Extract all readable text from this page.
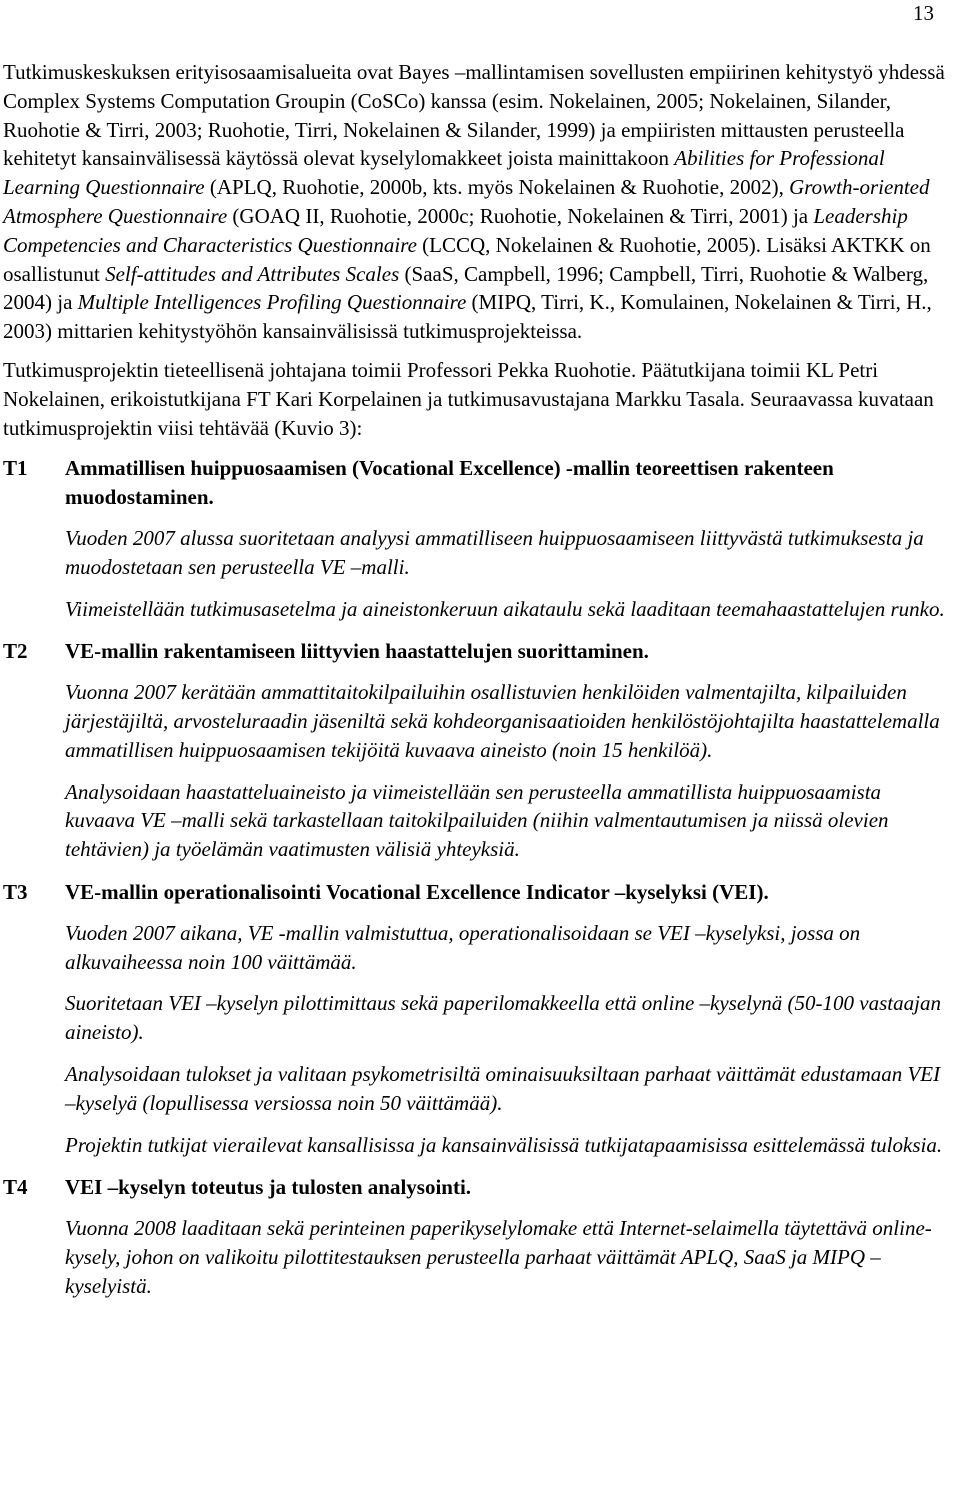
13

Tutkimuskeskuksen erityisosaamisalueita ovat Bayes –mallintamisen sovellusten empiirinen kehitystyö yhdessä Complex Systems Computation Groupin (CoSCo) kanssa (esim. Nokelainen, 2005; Nokelainen, Silander, Ruohotie & Tirri, 2003; Ruohotie, Tirri, Nokelainen & Silander, 1999) ja empiiristen mittausten perusteella kehitetyt kansainvälisessä käytössä olevat kyselylomakkeet joista mainittakoon Abilities for Professional Learning Questionnaire (APLQ, Ruohotie, 2000b, kts. myös Nokelainen & Ruohotie, 2002), Growth-oriented Atmosphere Questionnaire (GOAQ II, Ruohotie, 2000c; Ruohotie, Nokelainen & Tirri, 2001) ja Leadership Competencies and Characteristics Questionnaire (LCCQ, Nokelainen & Ruohotie, 2005). Lisäksi AKTKK on osallistunut Self-attitudes and Attributes Scales (SaaS, Campbell, 1996; Campbell, Tirri, Ruohotie & Walberg, 2004) ja Multiple Intelligences Profiling Questionnaire (MIPQ, Tirri, K., Komulainen, Nokelainen & Tirri, H., 2003) mittarien kehitystyöhön kansainvälisissä tutkimusprojekteissa.

Tutkimusprojektin tieteellisenä johtajana toimii Professori Pekka Ruohotie. Päätutkijana toimii KL Petri Nokelainen, erikoistutkijana FT Kari Korpelainen ja tutkimusavustajana Markku Tasala. Seuraavassa kuvataan tutkimusprojektin viisi tehtävää (Kuvio 3):

T1	Ammatillisen huippuosaamisen (Vocational Excellence) -mallin teoreettisen rakenteen muodostaminen.
Vuoden 2007 alussa suoritetaan analyysi ammatilliseen huippuosaamiseen liittyvästä tutkimuksesta ja muodostetaan sen perusteella VE –malli.
Viimeistellään tutkimusasetelma ja aineistonkeruun aikataulu sekä laaditaan teemahaastattelujen runko.
T2	VE-mallin rakentamiseen liittyvien haastattelujen suorittaminen.
Vuonna 2007 kerätään ammattitaitokilpailuihin osallistuvien henkilöiden valmentajilta, kilpailuiden järjestäjiltä, arvosteluraadin jäseniltä sekä kohdeorganisaatioiden henkilöstöjohtajilta haastattelemalla ammatillisen huippuosaamisen tekijöitä kuvaava aineisto (noin 15 henkilöä).
Analysoidaan haastatteluaineisto ja viimeistellään sen perusteella ammatillista huippuosaamista kuvaava VE –malli sekä tarkastellaan taitokilpailuiden (niihin valmentautumisen ja niissä olevien tehtävien) ja työelämän vaatimusten välisiä yhteyksiä.
T3	VE-mallin operationalisointi Vocational Excellence Indicator –kyselyksi (VEI).
Vuoden 2007 aikana, VE -mallin valmistuttua, operationalisoidaan se VEI –kyselyksi, jossa on alkuvaiheessa noin 100 väittämää.
Suoritetaan VEI –kyselyn pilottimittaus sekä paperilomakkeella että online –kyselynä (50-100 vastaajan aineisto).
Analysoidaan tulokset ja valitaan psykometrisiltä ominaisuuksiltaan parhaat väittämät edustamaan VEI –kyselyä (lopullisessa versiossa noin 50 väittämää).
Projektin tutkijat vierailevat kansallisissa ja kansainvälisissä tutkijatapaamisissa esittelemässä tuloksia.
T4	VEI –kyselyn toteutus ja tulosten analysointi.
Vuonna 2008 laaditaan sekä perinteinen paperikyselylomake että Internet-selaimella täytettävä online-kysely, johon on valikoitu pilottitestauksen perusteella parhaat väittämät APLQ, SaaS ja MIPQ –kyselyistä.
